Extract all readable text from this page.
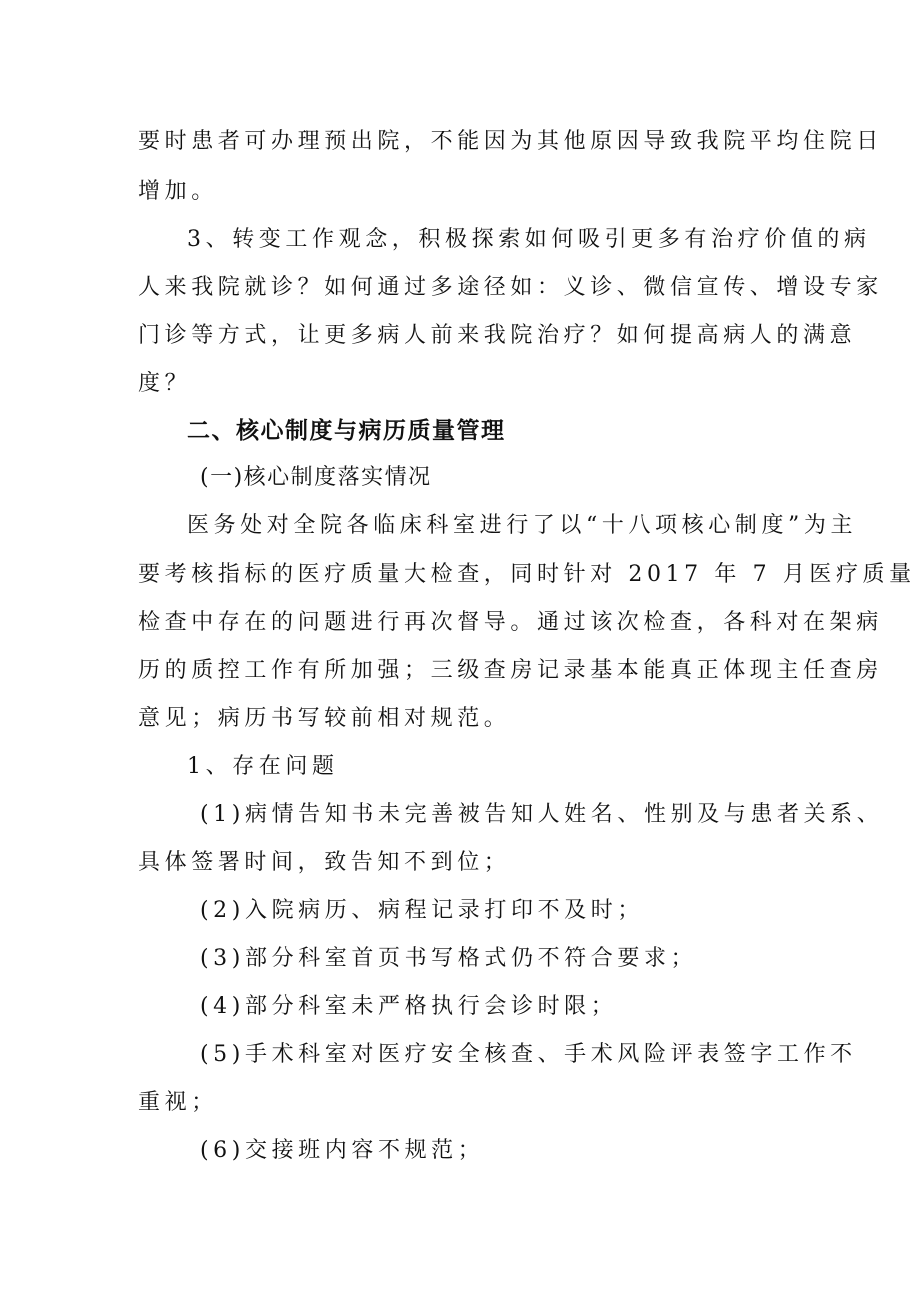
要时患者可办理预出院，不能因为其他原因导致我院平均住院日
增加。
3、转变工作观念，积极探索如何吸引更多有治疗价值的病
人来我院就诊？如何通过多途径如：义诊、微信宣传、增设专家
门诊等方式，让更多病人前来我院治疗？如何提高病人的满意
度？
二、核心制度与病历质量管理
(一)核心制度落实情况
医务处对全院各临床科室进行了以“十八项核心制度”为主
要考核指标的医疗质量大检查，同时针对 2017 年 7 月医疗质量
检查中存在的问题进行再次督导。通过该次检查，各科对在架病
历的质控工作有所加强；三级查房记录基本能真正体现主任查房
意见；病历书写较前相对规范。
1、存在问题
(1)病情告知书未完善被告知人姓名、性别及与患者关系、
具体签署时间，致告知不到位；
(2)入院病历、病程记录打印不及时；
(3)部分科室首页书写格式仍不符合要求；
(4)部分科室未严格执行会诊时限；
(5)手术科室对医疗安全核查、手术风险评表签字工作不
重视；
(6)交接班内容不规范；
